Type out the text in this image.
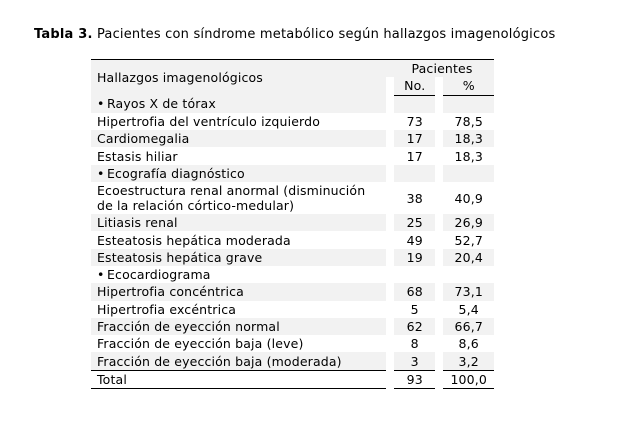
Tabla 3. Pacientes con síndrome metabólico según hallazgos imagenológicos
Hallazgos imagenológicos	Pacientes	
	No.	%
• Rayos X de tórax		
Hipertrofia del ventrículo izquierdo	73	78,5
Cardiomegalia	17	18,3
Estasis hiliar	17	18,3
• Ecografía diagnóstico		
Ecoestructura renal anormal (disminución de la relación córtico-medular)	38	40,9
Litiasis renal	25	26,9
Esteatosis hepática moderada	49	52,7
Esteatosis hepática grave	19	20,4
• Ecocardiograma		
Hipertrofia concéntrica	68	73,1
Hipertrofia excéntrica	5	5,4
Fracción de eyección normal	62	66,7
Fracción de eyección baja (leve)	8	8,6
Fracción de eyección baja (moderada)	3	3,2
Total	93	100,0
